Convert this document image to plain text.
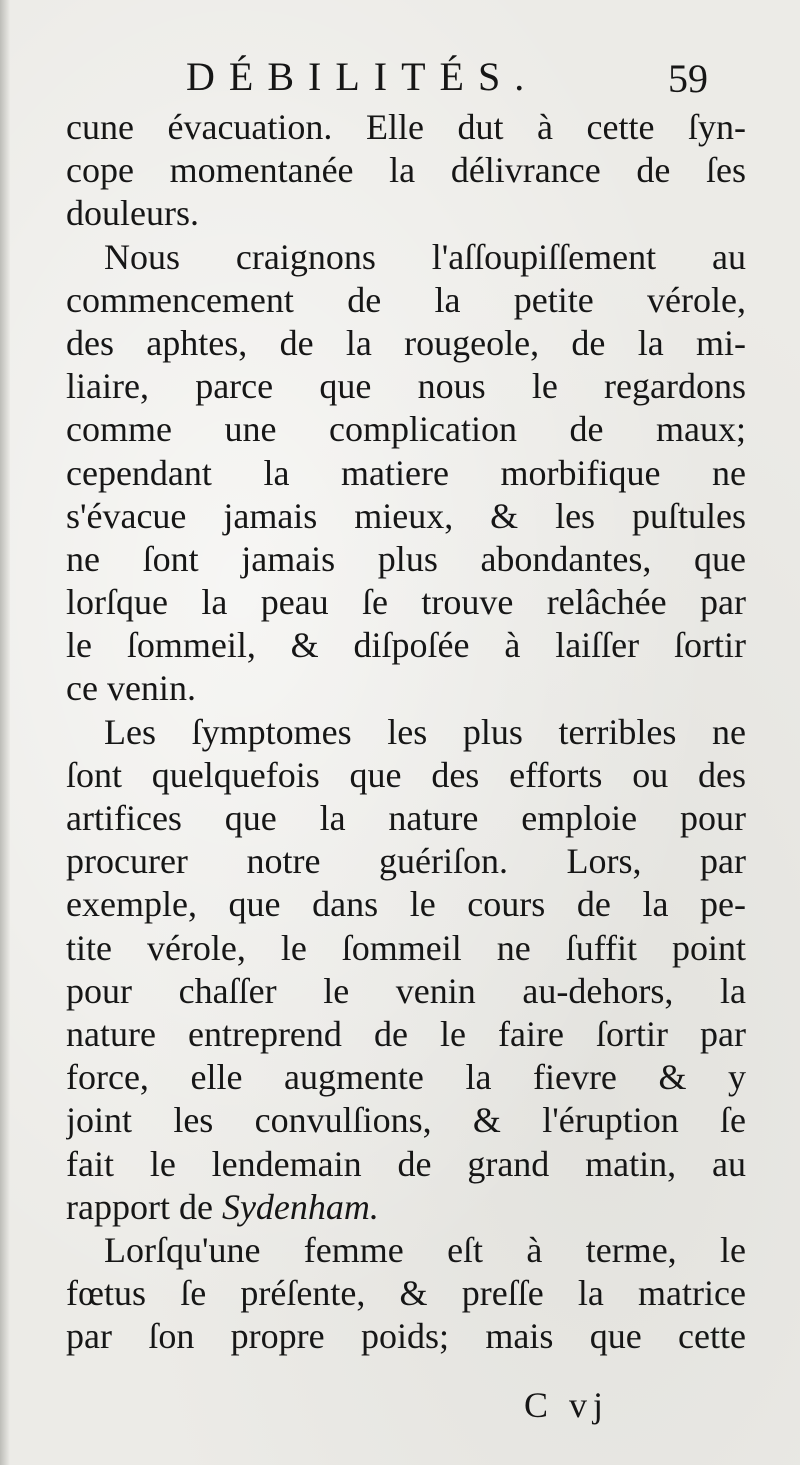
DÉBILITÉS.	59
cune évacuation. Elle dut à cette ſyn-
cope momentanée la délivrance de ſes
douleurs.
Nous craignons l'aſſoupiſſement au
commencement de la petite vérole,
des aphtes, de la rougeole, de la mi-
liaire, parce que nous le regardons
comme une complication de maux;
cependant la matiere morbifique ne
s'évacue jamais mieux, & les puſtules
ne ſont jamais plus abondantes, que
lorſque la peau ſe trouve relâchée par
le ſommeil, & diſpoſée à laiſſer ſortir
ce venin.
Les ſymptomes les plus terribles ne
ſont quelquefois que des efforts ou des
artifices que la nature emploie pour
procurer notre guériſon. Lors, par
exemple, que dans le cours de la pe-
tite vérole, le ſommeil ne ſuffit point
pour chaſſer le venin au-dehors, la
nature entreprend de le faire ſortir par
force, elle augmente la fievre & y
joint les convulſions, & l'éruption ſe
fait le lendemain de grand matin, au
rapport de Sydenham.
Lorſqu'une femme eſt à terme, le
fœtus ſe préſente, & preſſe la matrice
par ſon propre poids; mais que cette
C vj
